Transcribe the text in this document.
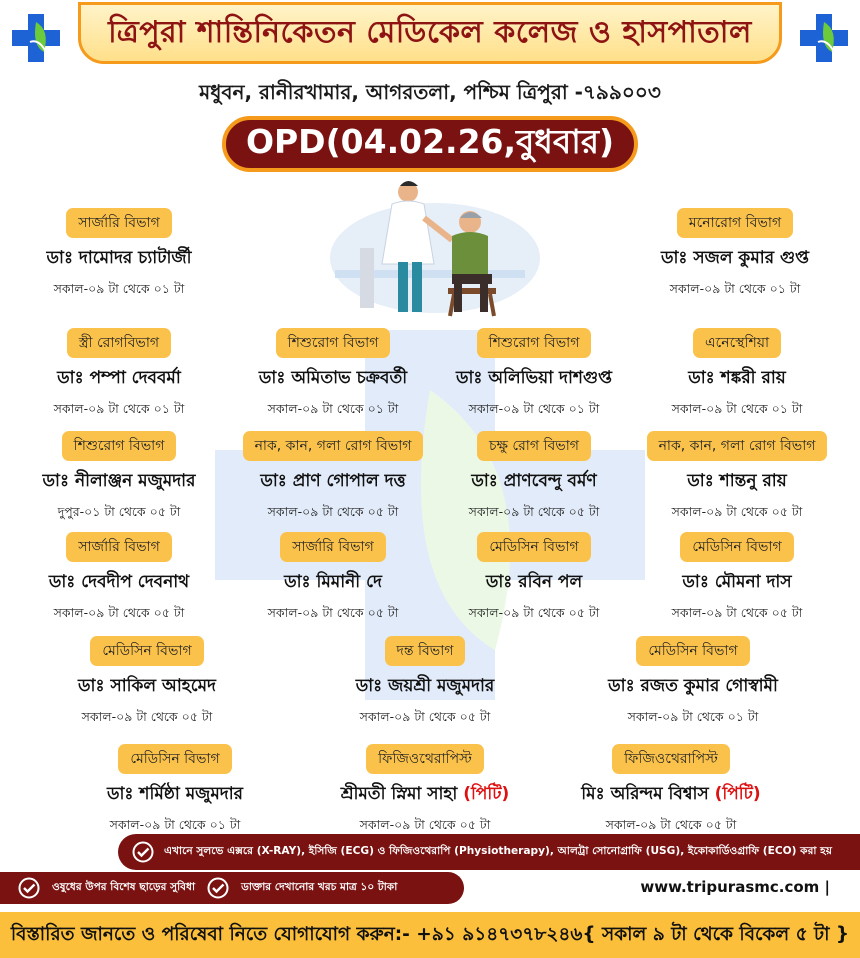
ত্রিপুরা শান্তিনিকেতন মেডিকেল কলেজ ও হাসপাতাল
মধুবন, রানীরখামার, আগরতলা, পশ্চিম ত্রিপুরা -৭৯৯০০৩
OPD(04.02.26,বুধবার)
সার্জারি বিভাগ
ডাঃ দামোদর চ্যাটার্জী
সকাল-০৯ টা থেকে ০১ টা
মনোরোগ বিভাগ
ডাঃ সজল কুমার গুপ্ত
সকাল-০৯ টা থেকে ০১ টা
স্ত্রী রোগবিভাগ
ডাঃ পম্পা দেববর্মা
সকাল-০৯ টা থেকে ০১ টা
শিশুরোগ বিভাগ
ডাঃ অমিতাভ চক্রবর্তী
সকাল-০৯ টা থেকে ০১ টা
শিশুরোগ বিভাগ
ডাঃ অলিভিয়া দাশগুপ্ত
সকাল-০৯ টা থেকে ০১ টা
এনেস্থেশিয়া
ডাঃ শঙ্করী রায়
সকাল-০৯ টা থেকে ০১ টা
শিশুরোগ বিভাগ
ডাঃ নীলাঞ্জন মজুমদার
দুপুর-০১ টা থেকে ০৫ টা
নাক, কান, গলা রোগ বিভাগ
ডাঃ প্রাণ গোপাল দত্ত
সকাল-০৯ টা থেকে ০৫ টা
চক্ষু রোগ বিভাগ
ডাঃ প্রাণবেন্দু বর্মণ
সকাল-০৯ টা থেকে ০৫ টা
নাক, কান, গলা রোগ বিভাগ
ডাঃ শান্তনু রায়
সকাল-০৯ টা থেকে ০৫ টা
সার্জারি বিভাগ
ডাঃ দেবদীপ দেবনাথ
সকাল-০৯ টা থেকে ০৫ টা
সার্জারি বিভাগ
ডাঃ মিমানী দে
সকাল-০৯ টা থেকে ০৫ টা
মেডিসিন বিভাগ
ডাঃ রবিন পল
সকাল-০৯ টা থেকে ০৫ টা
মেডিসিন বিভাগ
ডাঃ মৌমনা দাস
সকাল-০৯ টা থেকে ০৫ টা
মেডিসিন বিভাগ
ডাঃ সাকিল আহমেদ
সকাল-০৯ টা থেকে ০৫ টা
দন্ত বিভাগ
ডাঃ জয়শ্রী মজুমদার
সকাল-০৯ টা থেকে ০৫ টা
মেডিসিন বিভাগ
ডাঃ রজত কুমার গোস্বামী
সকাল-০৯ টা থেকে ০১ টা
মেডিসিন বিভাগ
ডাঃ শর্মিষ্ঠা মজুমদার
সকাল-০৯ টা থেকে ০১ টা
ফিজিওথেরাপিস্ট
শ্রীমতী স্নিমা সাহা (পিটি)
সকাল-০৯ টা থেকে ০৫ টা
ফিজিওথেরাপিস্ট
মিঃ অরিন্দম বিশ্বাস (পিটি)
সকাল-০৯ টা থেকে ০৫ টা
এখানে সুলভে এক্সরে (X-RAY), ইসিজি (ECG) ও ফিজিওথেরাপি (Physiotherapy), আলট্রা সোনোগ্রাফি (USG), ইকোকার্ডিওগ্রাফি (ECO) করা হয়
ওষুধের উপর বিশেষ ছাড়ের সুবিধা	ডাক্তার দেখানোর খরচ মাত্র ১০ টাকা	www.tripurasmc.com |
বিস্তারিত জানতে ও পরিষেবা নিতে যোগাযোগ করুন:- +৯১ ৯১৪৭৩৭৮২৪৬{ সকাল ৯ টা থেকে বিকেল ৫ টা }
